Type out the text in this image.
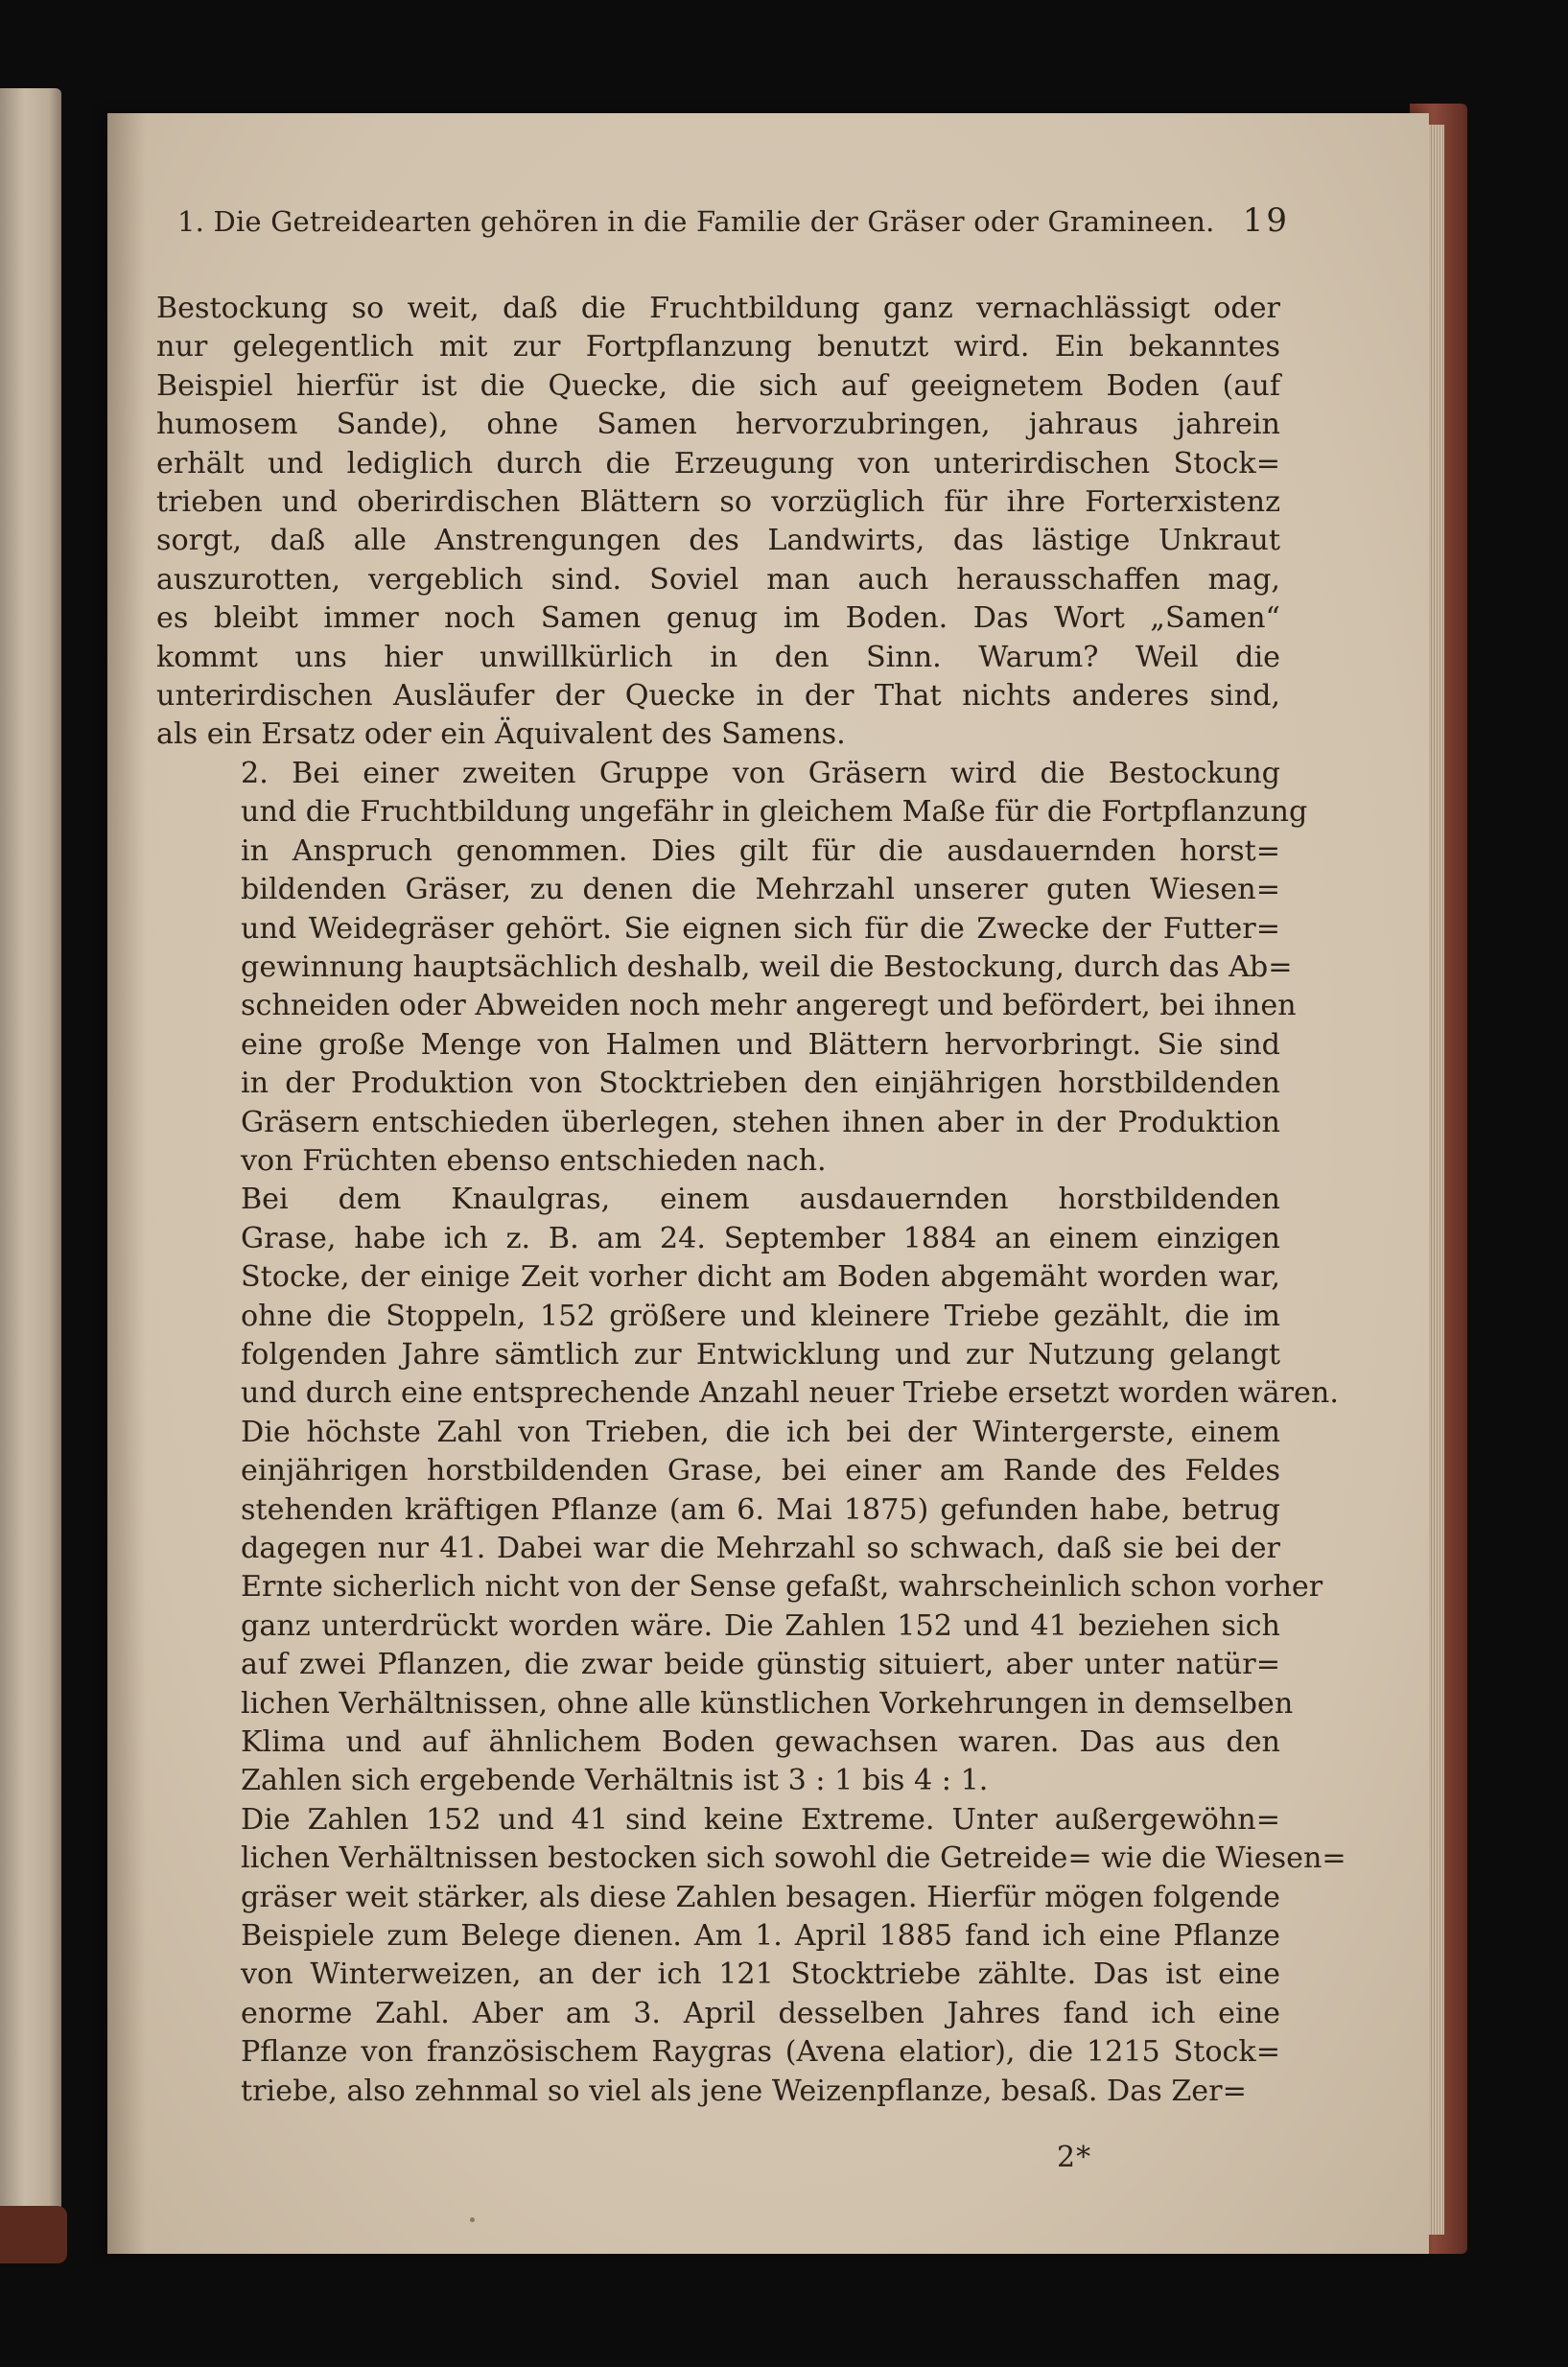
1. Die Getreidearten gehören in die Familie der Gräser oder Gramineen. 19

Bestockung so weit, daß die Fruchtbildung ganz vernachlässigt oder
nur gelegentlich mit zur Fortpflanzung benutzt wird. Ein bekanntes
Beispiel hierfür ist die Quecke, die sich auf geeignetem Boden (auf
humosem Sande), ohne Samen hervorzubringen, jahraus jahrein
erhält und lediglich durch die Erzeugung von unterirdischen Stock=
trieben und oberirdischen Blättern so vorzüglich für ihre Forterxistenz
sorgt, daß alle Anstrengungen des Landwirts, das lästige Unkraut
auszurotten, vergeblich sind. Soviel man auch herausschaffen mag,
es bleibt immer noch Samen genug im Boden. Das Wort „Samen“
kommt uns hier unwillkürlich in den Sinn. Warum? Weil die
unterirdischen Ausläufer der Quecke in der That nichts anderes sind,
als ein Ersatz oder ein Äquivalent des Samens.

2. Bei einer zweiten Gruppe von Gräsern wird die Bestockung
und die Fruchtbildung ungefähr in gleichem Maße für die Fortpflanzung
in Anspruch genommen. Dies gilt für die ausdauernden horst=
bildenden Gräser, zu denen die Mehrzahl unserer guten Wiesen=
und Weidegräser gehört. Sie eignen sich für die Zwecke der Futter=
gewinnung hauptsächlich deshalb, weil die Bestockung, durch das Ab=
schneiden oder Abweiden noch mehr angeregt und befördert, bei ihnen
eine große Menge von Halmen und Blättern hervorbringt. Sie sind
in der Produktion von Stocktrieben den einjährigen horstbildenden
Gräsern entschieden überlegen, stehen ihnen aber in der Produktion
von Früchten ebenso entschieden nach.

Bei dem Knaulgras, einem ausdauernden horstbildenden
Grase, habe ich z. B. am 24. September 1884 an einem einzigen
Stocke, der einige Zeit vorher dicht am Boden abgemäht worden war,
ohne die Stoppeln, 152 größere und kleinere Triebe gezählt, die im
folgenden Jahre sämtlich zur Entwicklung und zur Nutzung gelangt
und durch eine entsprechende Anzahl neuer Triebe ersetzt worden wären.
Die höchste Zahl von Trieben, die ich bei der Wintergerste, einem
einjährigen horstbildenden Grase, bei einer am Rande des Feldes
stehenden kräftigen Pflanze (am 6. Mai 1875) gefunden habe, betrug
dagegen nur 41. Dabei war die Mehrzahl so schwach, daß sie bei der
Ernte sicherlich nicht von der Sense gefaßt, wahrscheinlich schon vorher
ganz unterdrückt worden wäre. Die Zahlen 152 und 41 beziehen sich
auf zwei Pflanzen, die zwar beide günstig situiert, aber unter natür=
lichen Verhältnissen, ohne alle künstlichen Vorkehrungen in demselben
Klima und auf ähnlichem Boden gewachsen waren. Das aus den
Zahlen sich ergebende Verhältnis ist 3 : 1 bis 4 : 1.

Die Zahlen 152 und 41 sind keine Extreme. Unter außergewöhn=
lichen Verhältnissen bestocken sich sowohl die Getreide= wie die Wiesen=
gräser weit stärker, als diese Zahlen besagen. Hierfür mögen folgende
Beispiele zum Belege dienen. Am 1. April 1885 fand ich eine Pflanze
von Winterweizen, an der ich 121 Stocktriebe zählte. Das ist eine
enorme Zahl. Aber am 3. April desselben Jahres fand ich eine
Pflanze von französischem Raygras (Avena elatior), die 1215 Stock=
triebe, also zehnmal so viel als jene Weizenpflanze, besaß. Das Zer=

2*
